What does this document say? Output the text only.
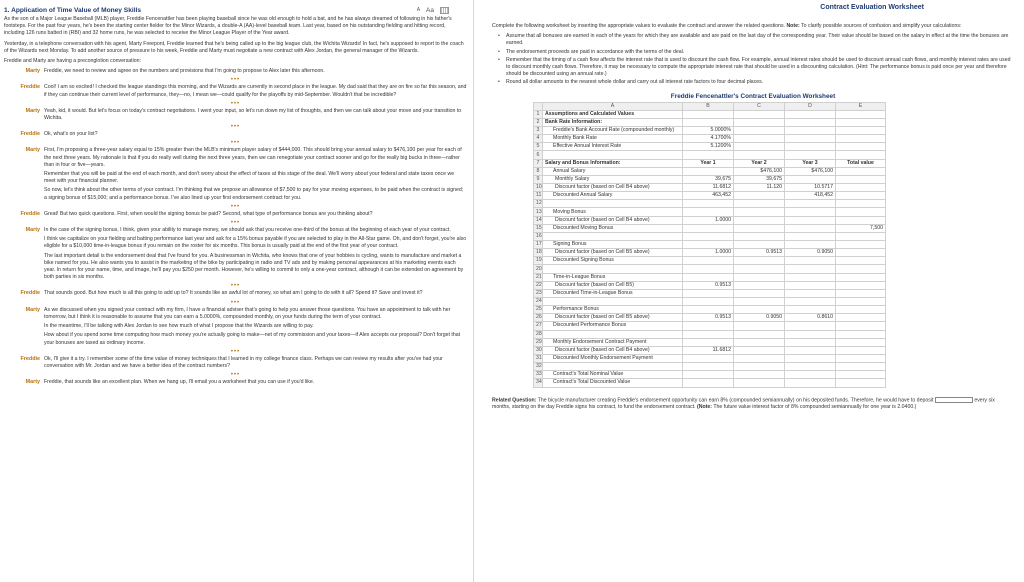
1. Application of Time Value of Money Skills	A Aa

As the son of a Major League Baseball (MLB) player, Freddie Fencenattler has been playing baseball since he was old enough to hold a bat, and he has always dreamed of following in his father's footsteps. For the past four years, he's been the starting center fielder for the Minor Wizards, a double-A (AA)-level baseball team. Last year, based on his outstanding fielding and hitting record, including 126 runs batted in (RBI) and 32 home runs, he was selected to receive the Minor League Player of the Year award.

Yesterday, in a telephone conversation with his agent, Marty Freepont, Freddie learned that he's being called up to the big league club, the Wichita Wizards! In fact, he's supposed to report to the coach of the Wizards next Monday. To add another source of pressure to his week, Freddie and Marty must negotiate a new contract with Alex Jordan, the general manager of the Wizards.

Freddie and Marty are having a preconglotion conversation:

Marty Freddie, we need to review and agree on the numbers and provisions that I'm going to propose to Alex later this afternoon.

•••
Freddie Cool! I am so excited! I checked the league standings this morning, and the Wizards are currently in second place in the league. My dad said that they are on fire so far this season, and if they can continue their current level of performance, they—no, I mean we—could qualify for the playoffs by mid-September. Wouldn't that be incredible?

•••
Marty Yeah, kid, it would. But let's focus on today's contract negotiations. I went your input, so let's run down my list of thoughts, and then we can talk about your move and your transition to Wichita.

•••
Freddie Ok, what's on your list?

•••
Marty First, I'm proposing a three-year salary equal to 15% greater than the MLB's minimum player salary of $444,000. This should bring your annual salary to $476,100 per year for each of the next three years. My rationale is that if you do really well during the next three years, then we can renegotiate your contract sooner and go for the really big bucks in three—rather than in four or five—years.

Remember that you will be paid at the end of each month, and don't worry about the effect of taxes at this stage of the deal. We'll worry about your federal and state taxes once we meet with your financial planner.

So now, let's think about the other terms of your contract. I'm thinking that we propose an allowance of $7,500 to pay for your moving expenses, to be paid when the contract is signed; a signing bonus of $15,000; and a performance bonus. I've also lined up your first endorsement contract for you.

•••
Freddie Great! But two quick questions. First, when would the signing bonus be paid? Second, what type of performance bonus are you thinking about?

•••
Marty In the case of the signing bonus, I think, given your ability to manage money, we should ask that you receive one-third of the bonus at the beginning of each year of your contract.

I think we capitalize on your fielding and batting performance last year and ask for a 15% bonus payable if you are selected to play in the All-Star game. Oh, and don't forget, you're also eligible for a $10,000 time-in-league bonus if you remain on the roster for six months. This bonus is usually paid at the end of the first year of your contract.

The last important detail is the endorsement deal that I've found for you. A businessman in Wichita, who knows that one of your hobbies is cycling, wants to manufacture and market a bike named for you. He also wants you to assist in the marketing of the bike by participating in radio and TV ads and by making personal appearances at his marketing events each year. In return for your name, time, and image, he'll pay you $250 per month. However, he's willing to commit to only a one-year contract, although it can be extended on agreement by both parties in six months.

•••
Freddie That sounds good. But how much is all this going to add up to? It sounds like an awful lot of money, so what am I going to do with it all? Spend it? Save and invest it?

•••
Marty As we discussed when you signed your contract with my firm, I have a financial adviser that's going to help you answer those questions. You have an appointment to talk with her tomorrow, but I think it is reasonable to assume that you can earn a 5.0000%, compounded monthly, on your funds during the term of your contract.

In the meantime, I'll be talking with Alex Jordan to see how much of what I propose that the Wizards are willing to pay.

How about if you spend some time computing how much money you're actually going to make—net of my commission and your taxes—if Alex accepts our proposal? Don't forget that your bonuses are taxed as ordinary income.

•••
Freddie Ok, I'll give it a try. I remember some of the time value of money techniques that I learned in my college finance class. Perhaps we can review my results after you've had your conversation with Mr. Jordan and we have a better idea of the contract numbers?

•••
Marty Freddie, that sounds like an excellent plan. When we hang up, I'll email you a worksheet that you can use if you'd like.

Contract Evaluation Worksheet
Complete the following worksheet by inserting the appropriate values to evaluate the contract and answer the related questions. Note: To clarify possible sources of confusion and simplify your calculations:
• Assume that all bonuses are earned in each of the years for which they are available and are paid on the last day of the corresponding year. Their value should be based on the salary in effect at the time the bonuses are earned.
• The endorsement proceeds are paid in accordance with the terms of the deal.
• Remember that the timing of a cash flow affects the interest rate that is used to discount the cash flow. For example, annual interest rates should be used to discount annual cash flows, and monthly interest rates are used to discount monthly cash flows. Therefore, it may be necessary to compute the appropriate interest rate that should be used in a discounting calculation. (Hint: The performance bonus is paid once per year and therefore should be discounted using an annual rate.)
• Round all dollar amounts to the nearest whole dollar and carry out all interest rate factors to four decimal places.
Freddie Fencenattler's Contract Evaluation Worksheet
	A	B	C	D	E
1	Assumptions and Calculated Values				
2	Bank Rate Information:				
3	Freddie's Bank Account Rate (compounded monthly)	5.0000%			
4	Monthly Bank Rate	4.1700%			
5	Effective Annual Interest Rate	5.1200%			
6					
7	Salary and Bonus Information:	Year 1	Year 2	Year 3	Total value
8	Annual Salary		$476,100	$476,100	
9	Monthly Salary	39,675	39,675		
10	Discount factor (based on Cell B4 above)	11.6812	11.120	10.5717	
11	Discounted Annual Salary	463,452		418,452	
12					
13	Moving Bonus				
14	Discount factor (based on Cell B4 above)	1.0000			
15	Discounted Moving Bonus				7,500
16					
17	Signing Bonus				
18	Discount factor (based on Cell B5 above)	1.0000	0.9513	0.9050	
19	Discounted Signing Bonus				
20					
21	Time-in-League Bonus				
22	Discount factor (based on Cell B5)	0.9513			
23	Discounted Time-in-League Bonus				
24					
25	Performance Bonus				
26	Discount factor (based on Cell B5 above)	0.9513	0.9050	0.8610	
27	Discounted Performance Bonus				
28					
29	Monthly Endorsement Contract Payment				
30	Discount factor (based on Cell B4 above)	11.6812			
31	Discounted Monthly Endorsement Payment				
32					
33	Contract's Total Nominal Value				
34	Contract's Total Discounted Value				
Related Question: The bicycle manufacturer creating Freddie's endorsement opportunity can earn 8% (compounded semiannually) on his deposited funds. Therefore, he would have to deposit	every six months, starting on the day Freddie signs his contract, to fund the endorsement contract. (Note: The future value interest factor of 8% compounded semiannually for one year is 2.0400.)
